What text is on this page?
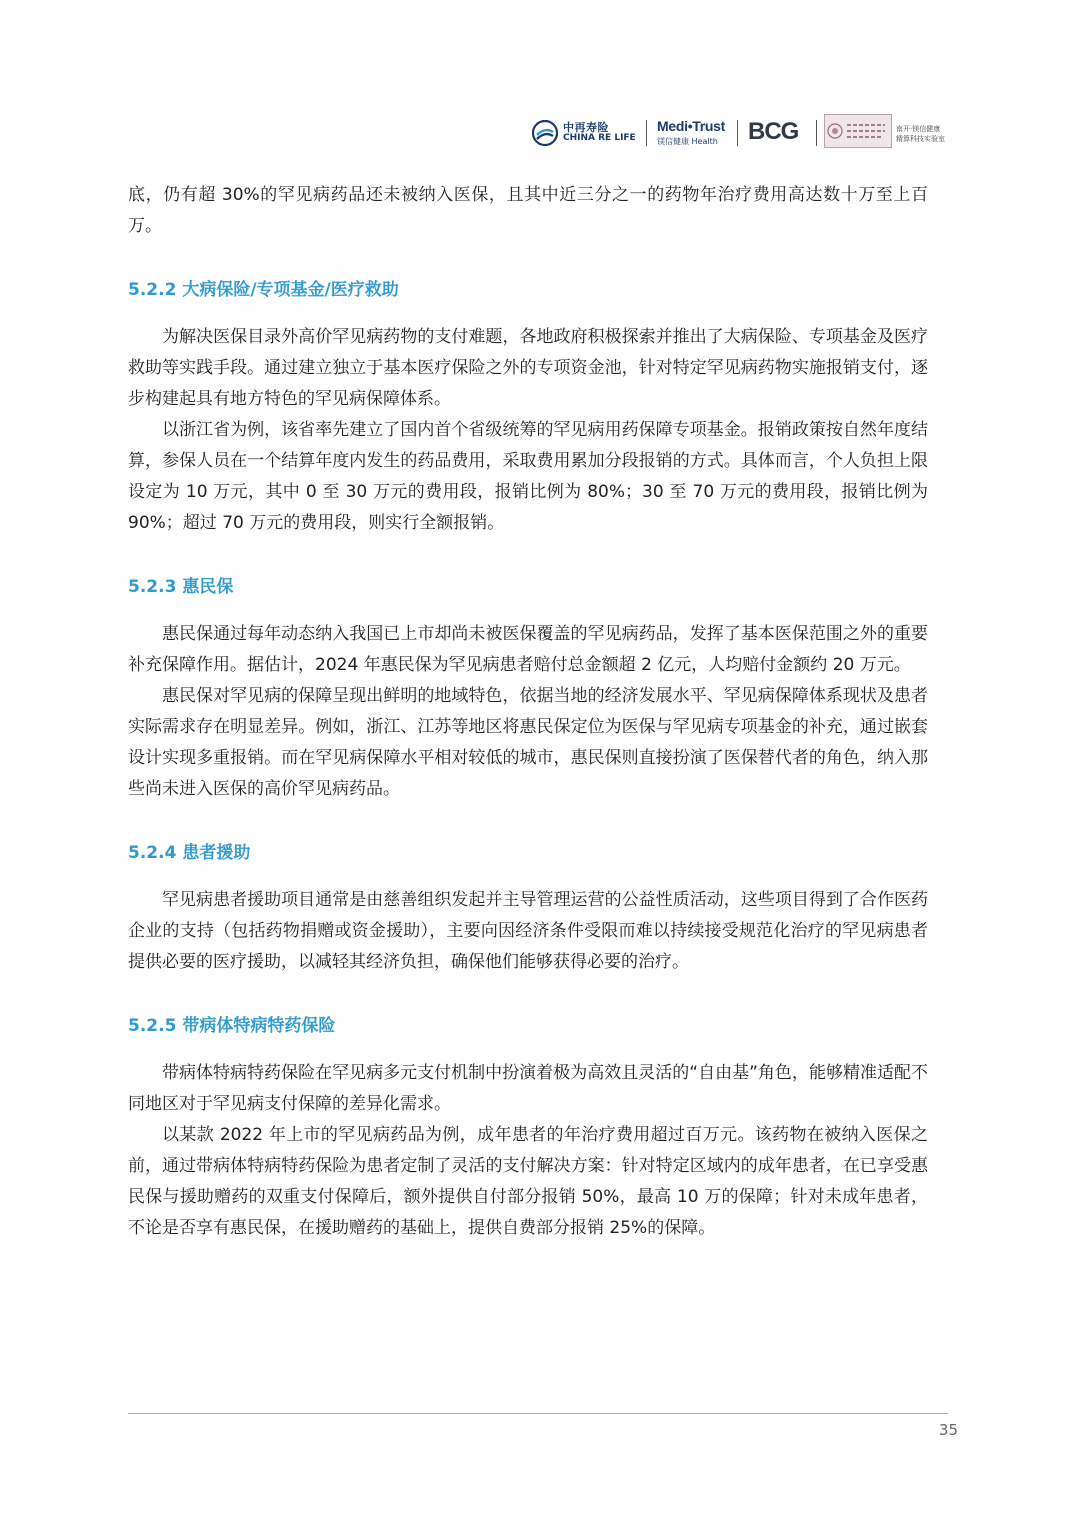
中再寿险
CHINA RE LIFE
Medi•Trust
镁信健康 Health BCG	南开·镁信健康
精算科技实验室

底，仍有超 30%的罕见病药品还未被纳入医保，且其中近三分之一的药物年治疗费用高达数十万至上百万。

5.2.2 大病保险/专项基金/医疗救助

为解决医保目录外高价罕见病药物的支付难题，各地政府积极探索并推出了大病保险、专项基金及医疗救助等实践手段。通过建立独立于基本医疗保险之外的专项资金池，针对特定罕见病药物实施报销支付，逐步构建起具有地方特色的罕见病保障体系。

以浙江省为例，该省率先建立了国内首个省级统筹的罕见病用药保障专项基金。报销政策按自然年度结算，参保人员在一个结算年度内发生的药品费用，采取费用累加分段报销的方式。具体而言，个人负担上限设定为 10 万元，其中 0 至 30 万元的费用段，报销比例为 80%；30 至 70 万元的费用段，报销比例为 90%；超过 70 万元的费用段，则实行全额报销。

5.2.3 惠民保

惠民保通过每年动态纳入我国已上市却尚未被医保覆盖的罕见病药品，发挥了基本医保范围之外的重要补充保障作用。据估计，2024 年惠民保为罕见病患者赔付总金额超 2 亿元，人均赔付金额约 20 万元。

惠民保对罕见病的保障呈现出鲜明的地域特色，依据当地的经济发展水平、罕见病保障体系现状及患者实际需求存在明显差异。例如，浙江、江苏等地区将惠民保定位为医保与罕见病专项基金的补充，通过嵌套设计实现多重报销。而在罕见病保障水平相对较低的城市，惠民保则直接扮演了医保替代者的角色，纳入那些尚未进入医保的高价罕见病药品。

5.2.4 患者援助

罕见病患者援助项目通常是由慈善组织发起并主导管理运营的公益性质活动，这些项目得到了合作医药企业的支持（包括药物捐赠或资金援助），主要向因经济条件受限而难以持续接受规范化治疗的罕见病患者提供必要的医疗援助，以减轻其经济负担，确保他们能够获得必要的治疗。

5.2.5 带病体特病特药保险

带病体特病特药保险在罕见病多元支付机制中扮演着极为高效且灵活的“自由基”角色，能够精准适配不同地区对于罕见病支付保障的差异化需求。

以某款 2022 年上市的罕见病药品为例，成年患者的年治疗费用超过百万元。该药物在被纳入医保之前，通过带病体特病特药保险为患者定制了灵活的支付解决方案：针对特定区域内的成年患者，在已享受惠民保与援助赠药的双重支付保障后，额外提供自付部分报销 50%，最高 10 万的保障；针对未成年患者，不论是否享有惠民保，在援助赠药的基础上，提供自费部分报销 25%的保障。

35
